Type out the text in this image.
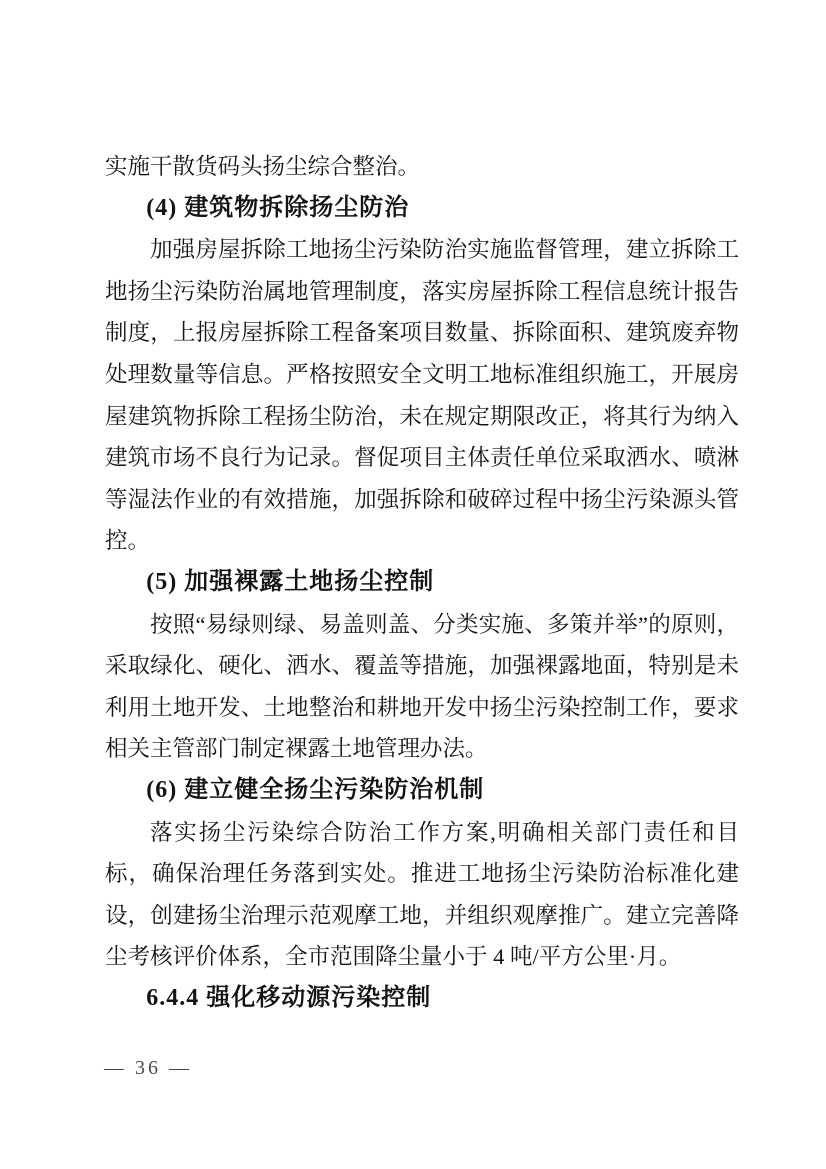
实施干散货码头扬尘综合整治。

(4) 建筑物拆除扬尘防治

加强房屋拆除工地扬尘污染防治实施监督管理，建立拆除工地扬尘污染防治属地管理制度，落实房屋拆除工程信息统计报告制度，上报房屋拆除工程备案项目数量、拆除面积、建筑废弃物处理数量等信息。严格按照安全文明工地标准组织施工，开展房屋建筑物拆除工程扬尘防治，未在规定期限改正，将其行为纳入建筑市场不良行为记录。督促项目主体责任单位采取洒水、喷淋等湿法作业的有效措施，加强拆除和破碎过程中扬尘污染源头管控。

(5) 加强裸露土地扬尘控制

按照“易绿则绿、易盖则盖、分类实施、多策并举”的原则，采取绿化、硬化、洒水、覆盖等措施，加强裸露地面，特别是未利用土地开发、土地整治和耕地开发中扬尘污染控制工作，要求相关主管部门制定裸露土地管理办法。

(6) 建立健全扬尘污染防治机制

落实扬尘污染综合防治工作方案,明确相关部门责任和目标，确保治理任务落到实处。推进工地扬尘污染防治标准化建设，创建扬尘治理示范观摩工地，并组织观摩推广。建立完善降尘考核评价体系，全市范围降尘量小于 4 吨/平方公里·月。

6.4.4 强化移动源污染控制

— 36 —
